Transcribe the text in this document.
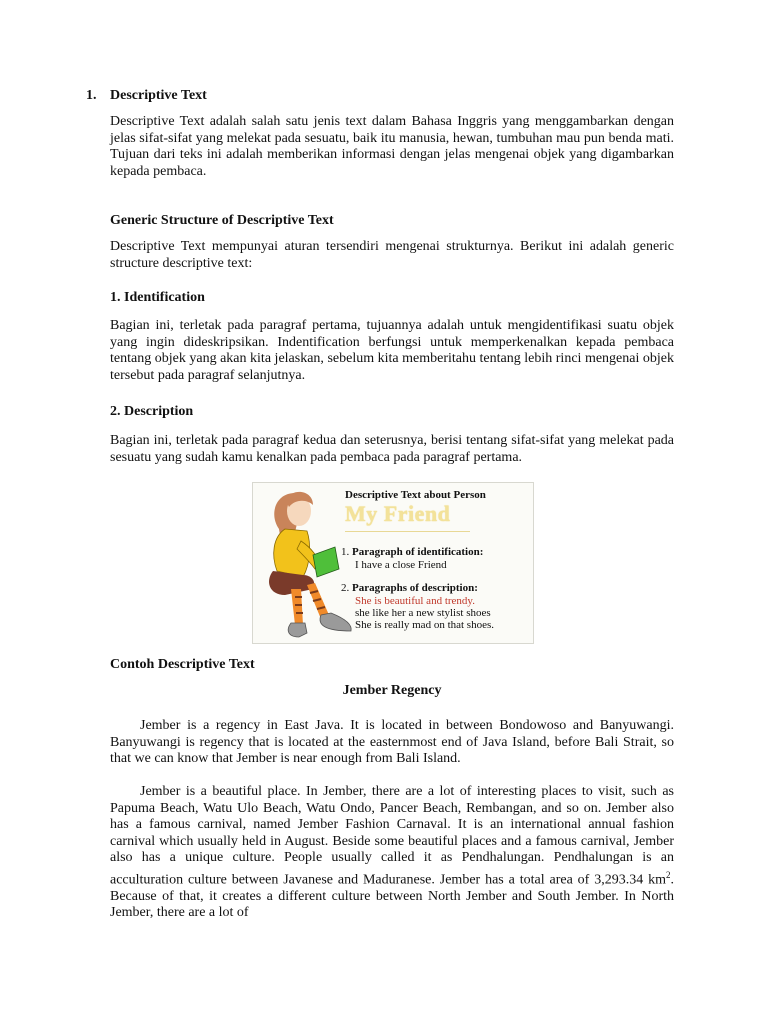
1. Descriptive Text

Descriptive Text adalah salah satu jenis text dalam Bahasa Inggris yang menggambarkan dengan jelas sifat-sifat yang melekat pada sesuatu, baik itu manusia, hewan, tumbuhan mau pun benda mati. Tujuan dari teks ini adalah memberikan informasi dengan jelas mengenai objek yang digambarkan kepada pembaca.

Generic Structure of Descriptive Text

Descriptive Text mempunyai aturan tersendiri mengenai strukturnya. Berikut ini adalah generic structure descriptive text:

1. Identification

Bagian ini, terletak pada paragraf pertama, tujuannya adalah untuk mengidentifikasi suatu objek yang ingin dideskripsikan. Indentification berfungsi untuk memperkenalkan kepada pembaca tentang objek yang akan kita jelaskan, sebelum kita memberitahu tentang lebih rinci mengenai objek tersebut pada paragraf selanjutnya.

2. Description

Bagian ini, terletak pada paragraf kedua dan seterusnya, berisi tentang sifat-sifat yang melekat pada sesuatu yang sudah kamu kenalkan pada pembaca pada paragraf pertama.

Descriptive Text about Person
My Friend
1. Paragraph of identification:
I have a close Friend
2. Paragraphs of description:
She is beautiful and trendy.
she like her a new stylist shoes
She is really mad on that shoes.
Contoh Descriptive Text
Jember Regency

Jember is a regency in East Java. It is located in between Bondowoso and Banyuwangi. Banyuwangi is regency that is located at the easternmost end of Java Island, before Bali Strait, so that we can know that Jember is near enough from Bali Island.

Jember is a beautiful place. In Jember, there are a lot of interesting places to visit, such as Papuma Beach, Watu Ulo Beach, Watu Ondo, Pancer Beach, Rembangan, and so on. Jember also has a famous carnival, named Jember Fashion Carnaval. It is an international annual fashion carnival which usually held in August. Beside some beautiful places and a famous carnival, Jember also has a unique culture. People usually called it as Pendhalungan. Pendhalungan is an acculturation culture between Javanese and Maduranese. Jember has a total area of 3,293.34 $km^2$. Because of that, it creates a different culture between North Jember and South Jember. In North Jember, there are a lot of
